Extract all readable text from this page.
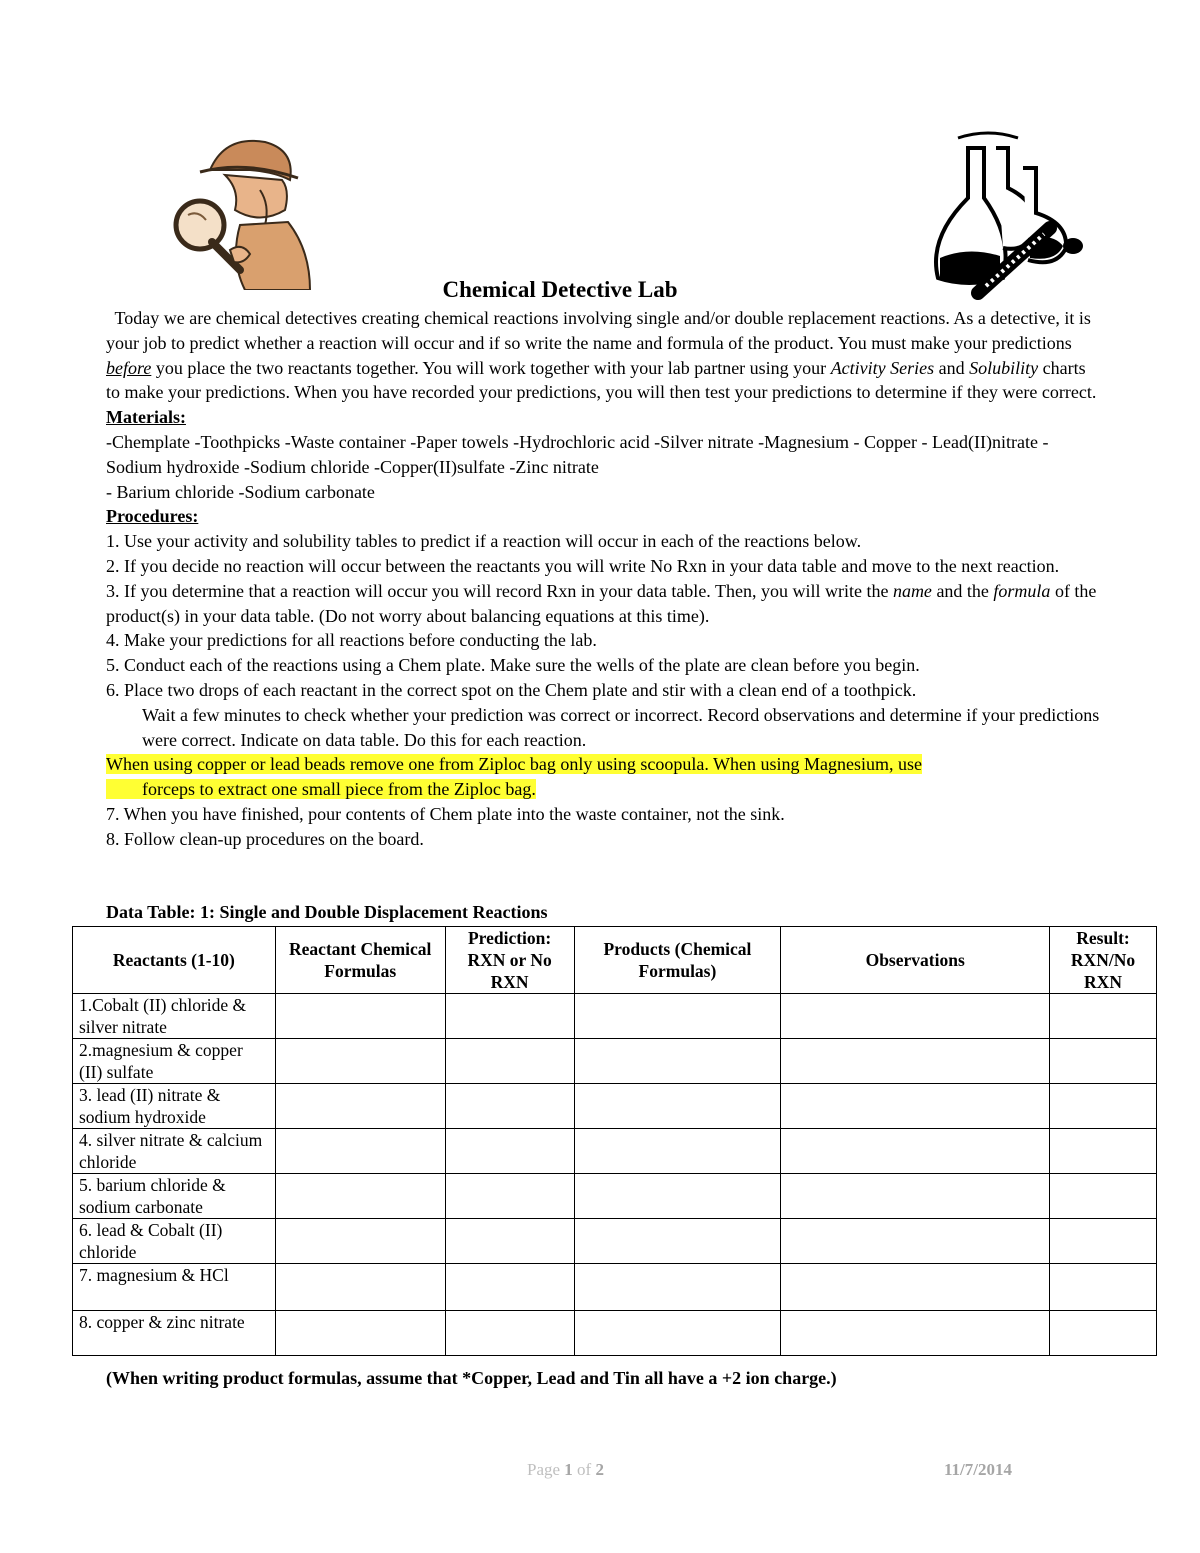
Chemical Detective Lab

Today we are chemical detectives creating chemical reactions involving single and/or double replacement reactions. As a detective, it is your job to predict whether a reaction will occur and if so write the name and formula of the product. You must make your predictions before you place the two reactants together. You will work together with your lab partner using your Activity Series and Solubility charts to make your predictions. When you have recorded your predictions, you will then test your predictions to determine if they were correct.

Materials:

-Chemplate -Toothpicks -Waste container -Paper towels -Hydrochloric acid -Silver nitrate -Magnesium - Copper - Lead(II)nitrate -Sodium hydroxide -Sodium chloride -Copper(II)sulfate -Zinc nitrate
- Barium chloride -Sodium carbonate

Procedures:

1. Use your activity and solubility tables to predict if a reaction will occur in each of the reactions below.

2. If you decide no reaction will occur between the reactants you will write No Rxn in your data table and move to the next reaction.

3. If you determine that a reaction will occur you will record Rxn in your data table. Then, you will write the name and the formula of the product(s) in your data table. (Do not worry about balancing equations at this time).

4. Make your predictions for all reactions before conducting the lab.

5. Conduct each of the reactions using a Chem plate. Make sure the wells of the plate are clean before you begin.

6. Place two drops of each reactant in the correct spot on the Chem plate and stir with a clean end of a toothpick.

Wait a few minutes to check whether your prediction was correct or incorrect. Record observations and determine if your predictions were correct. Indicate on data table. Do this for each reaction.

When using copper or lead beads remove one from Ziploc bag only using scoopula. When using Magnesium, use
forceps to extract one small piece from the Ziploc bag.

7. When you have finished, pour contents of Chem plate into the waste container, not the sink.

8. Follow clean-up procedures on the board.

Data Table: 1: Single and Double Displacement Reactions
Reactants (1-10)	Reactant Chemical Formulas	Prediction: RXN or No RXN	Products (Chemical Formulas)	Observations	Result: RXN/No RXN
1.Cobalt (II) chloride & silver nitrate					
2.magnesium & copper (II) sulfate					
3. lead (II) nitrate & sodium hydroxide					
4. silver nitrate & calcium chloride					
5. barium chloride & sodium carbonate					
6. lead & Cobalt (II) chloride					
7. magnesium & HCl					
8. copper & zinc nitrate					
(When writing product formulas, assume that *Copper, Lead and Tin all have a +2 ion charge.)
Page 1 of 2	11/7/2014
